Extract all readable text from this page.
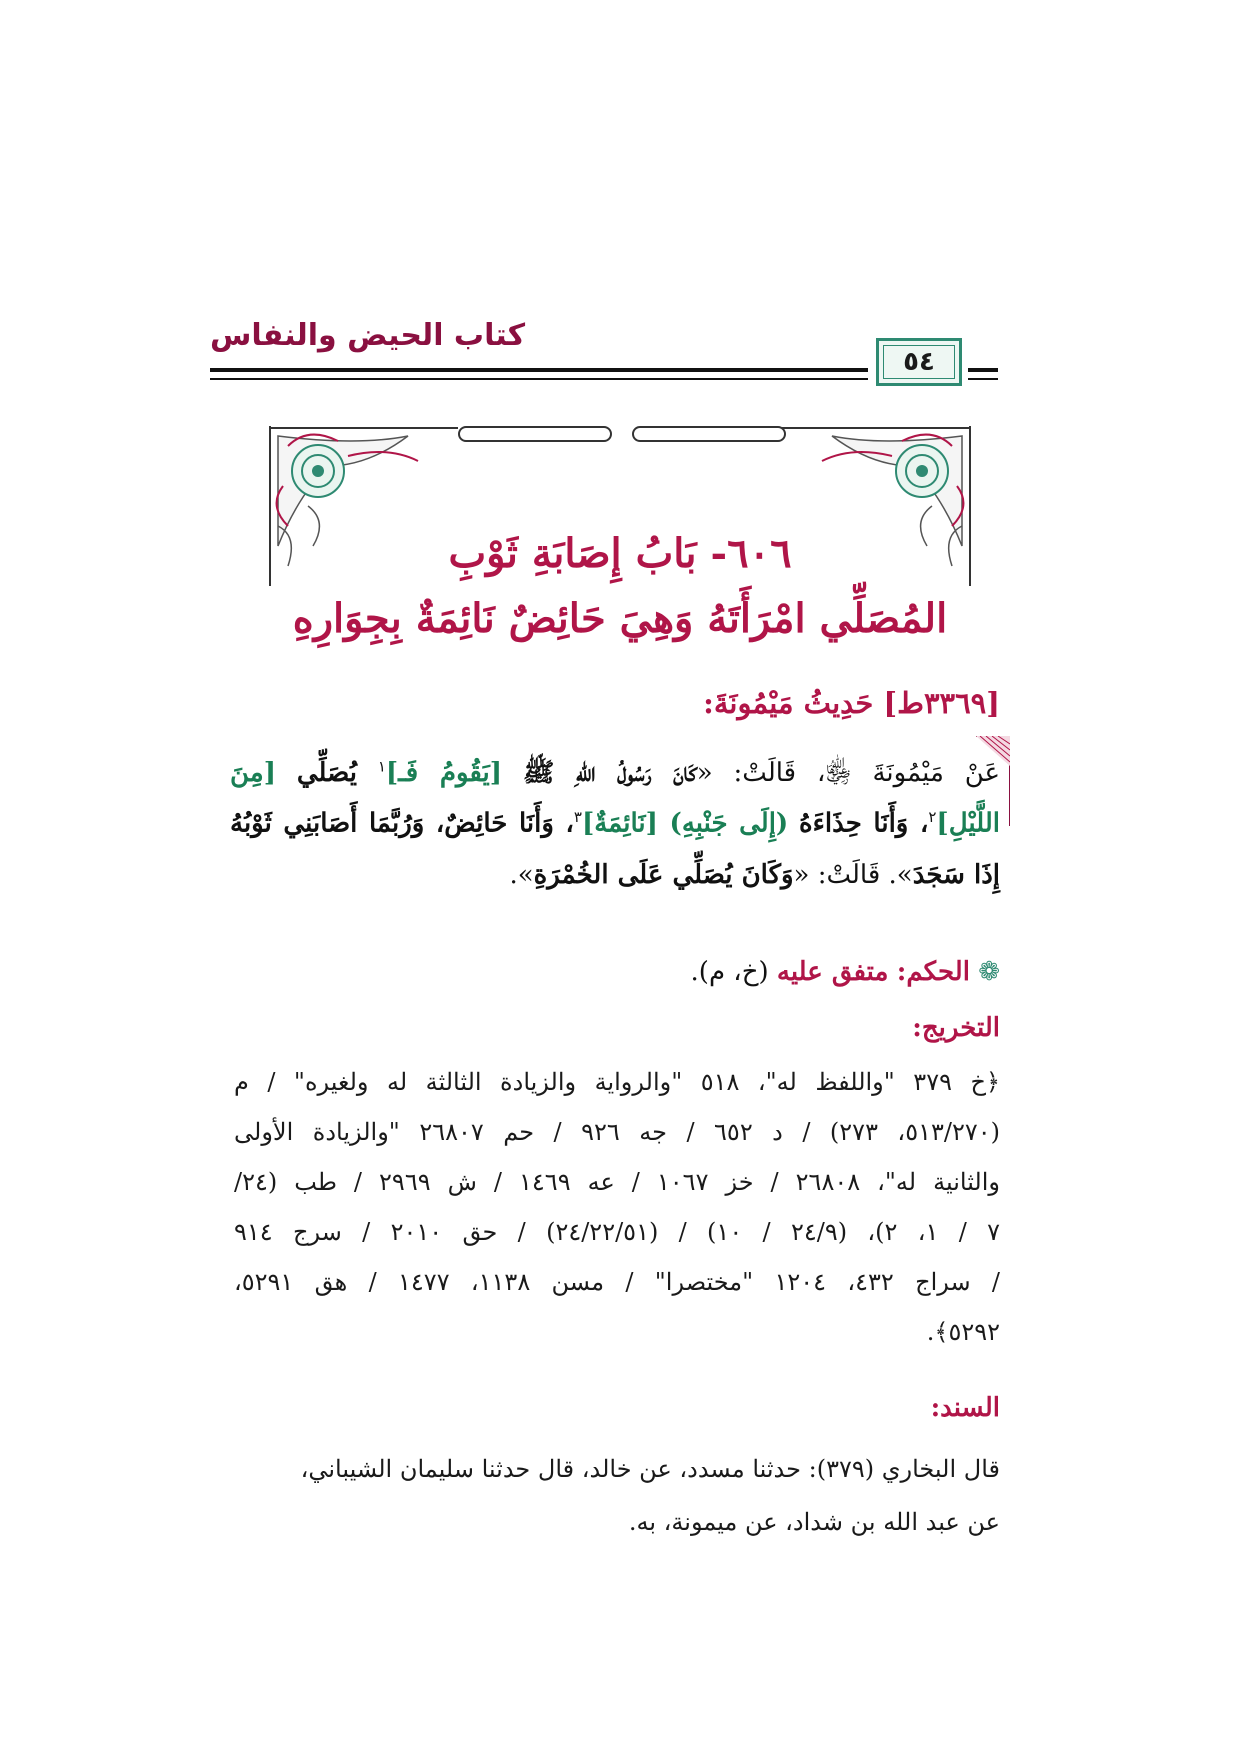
كتاب الحيض والنفاس
٥٤
٦٠٦- بَابُ إِصَابَةِ ثَوْبِ
المُصَلِّي امْرَأَتَهُ وَهِيَ حَائِضٌ نَائِمَةٌ بِجِوَارِهِ
[٣٣٦٩ط] حَدِيثُ مَيْمُونَةَ:
عَنْ مَيْمُونَةَ ﵂، قَالَتْ: «كَانَ رَسُولُ اللهِ ﷺ [يَقُومُ فَـ]$^١$ يُصَلِّي [مِنَ
اللَّيْلِ]$^٢$، وَأَنَا حِذَاءَهُ (إِلَى جَنْبِهِ) [نَائِمَةٌ]$^٣$، وَأَنَا حَائِضٌ، وَرُبَّمَا أَصَابَنِي ثَوْبُهُ
إِذَا سَجَدَ». قَالَتْ: «وَكَانَ يُصَلِّي عَلَى الخُمْرَةِ».
❁ الحكم: متفق عليه (خ، م).
التخريج:
﴿خ ٣٧٩ "واللفظ له"، ٥١٨ "والرواية والزيادة الثالثة له ولغيره" / م
(٥١٣/٢٧٠، ٢٧٣) / د ٦٥٢ / جه ٩٢٦ / حم ٢٦٨٠٧ "والزيادة الأولى
والثانية له"، ٢٦٨٠٨ / خز ١٠٦٧ / عه ١٤٦٩ / ش ٢٩٦٩ / طب (٢٤/
٧ / ١، ٢)، (٢٤/٩ / ١٠) / (٢٤/٢٢/٥١) / حق ٢٠١٠ / سرج ٩١٤
/ سراج ٤٣٢، ١٢٠٤ "مختصرا" / مسن ١١٣٨، ١٤٧٧ / هق ٥٢٩١،
٥٢٩٢﴾.
السند:
قال البخاري (٣٧٩): حدثنا مسدد، عن خالد، قال حدثنا سليمان الشيباني،
عن عبد الله بن شداد، عن ميمونة، به.
